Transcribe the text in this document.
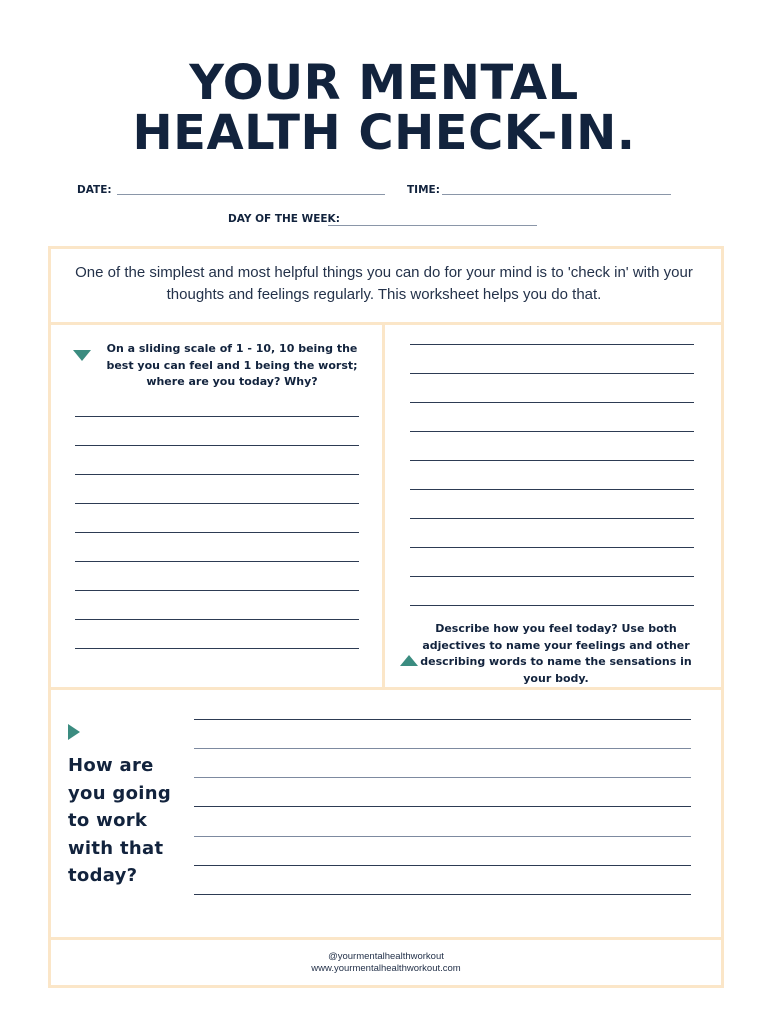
YOUR MENTAL
HEALTH CHECK-IN.
DATE:	TIME:
DAY OF THE WEEK:
One of the simplest and most helpful things you can do for your mind is to 'check in' with your thoughts and feelings regularly. This worksheet helps you do that.
On a sliding scale of 1 - 10, 10 being the best you can feel and 1 being the worst; where are you today? Why?
Describe how you feel today? Use both adjectives to name your feelings and other describing words to name the sensations in your body.
How are you going to work with that today?
@yourmentalhealthworkout
www.yourmentalhealthworkout.com
